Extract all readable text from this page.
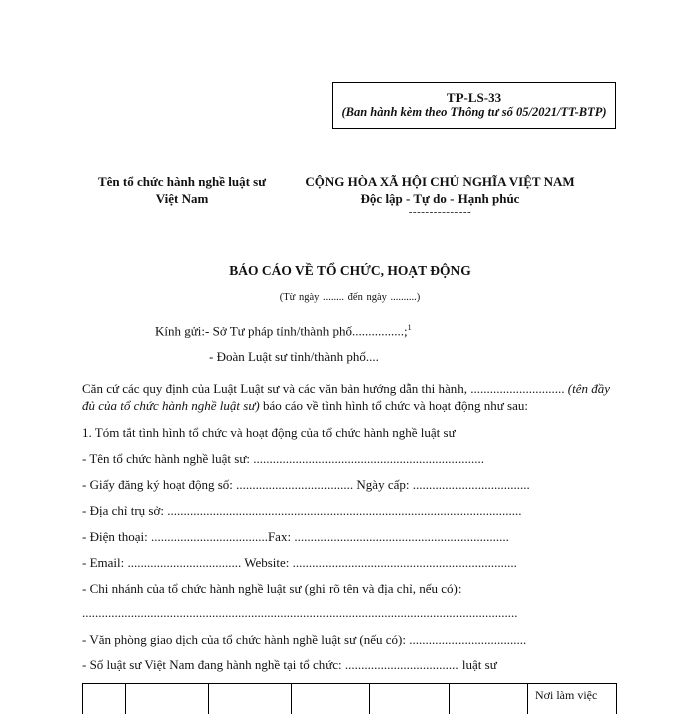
TP-LS-33
(Ban hành kèm theo Thông tư số 05/2021/TT-BTP)
Tên tổ chức hành nghề luật sư
Việt Nam
CỘNG HÒA XÃ HỘI CHỦ NGHĨA VIỆT NAM
Độc lập - Tự do - Hạnh phúc
---------------
BÁO CÁO VỀ TỔ CHỨC, HOẠT ĐỘNG
(Từ ngày ........ đến ngày ..........)
Kính gửi:- Sở Tư pháp tỉnh/thành phố................;$^1$
- Đoàn Luật sư tỉnh/thành phố....
Căn cứ các quy định của Luật Luật sư và các văn bản hướng dẫn thi hành, ............................. (tên đầy đủ của tổ chức hành nghề luật sư) báo cáo về tình hình tổ chức và hoạt động như sau:
1. Tóm tắt tình hình tổ chức và hoạt động của tổ chức hành nghề luật sư
- Tên tổ chức hành nghề luật sư: .......................................................................
- Giấy đăng ký hoạt động số: .................................... Ngày cấp: ....................................
- Địa chỉ trụ sở: .............................................................................................................
- Điện thoại: ....................................Fax: ..................................................................
- Email: ................................... Website: .....................................................................
- Chi nhánh của tổ chức hành nghề luật sư (ghi rõ tên và địa chỉ, nếu có):
......................................................................................................................................
- Văn phòng giao dịch của tổ chức hành nghề luật sư (nếu có): ....................................
- Số luật sư Việt Nam đang hành nghề tại tổ chức: ................................... luật sư
Nơi làm việc
